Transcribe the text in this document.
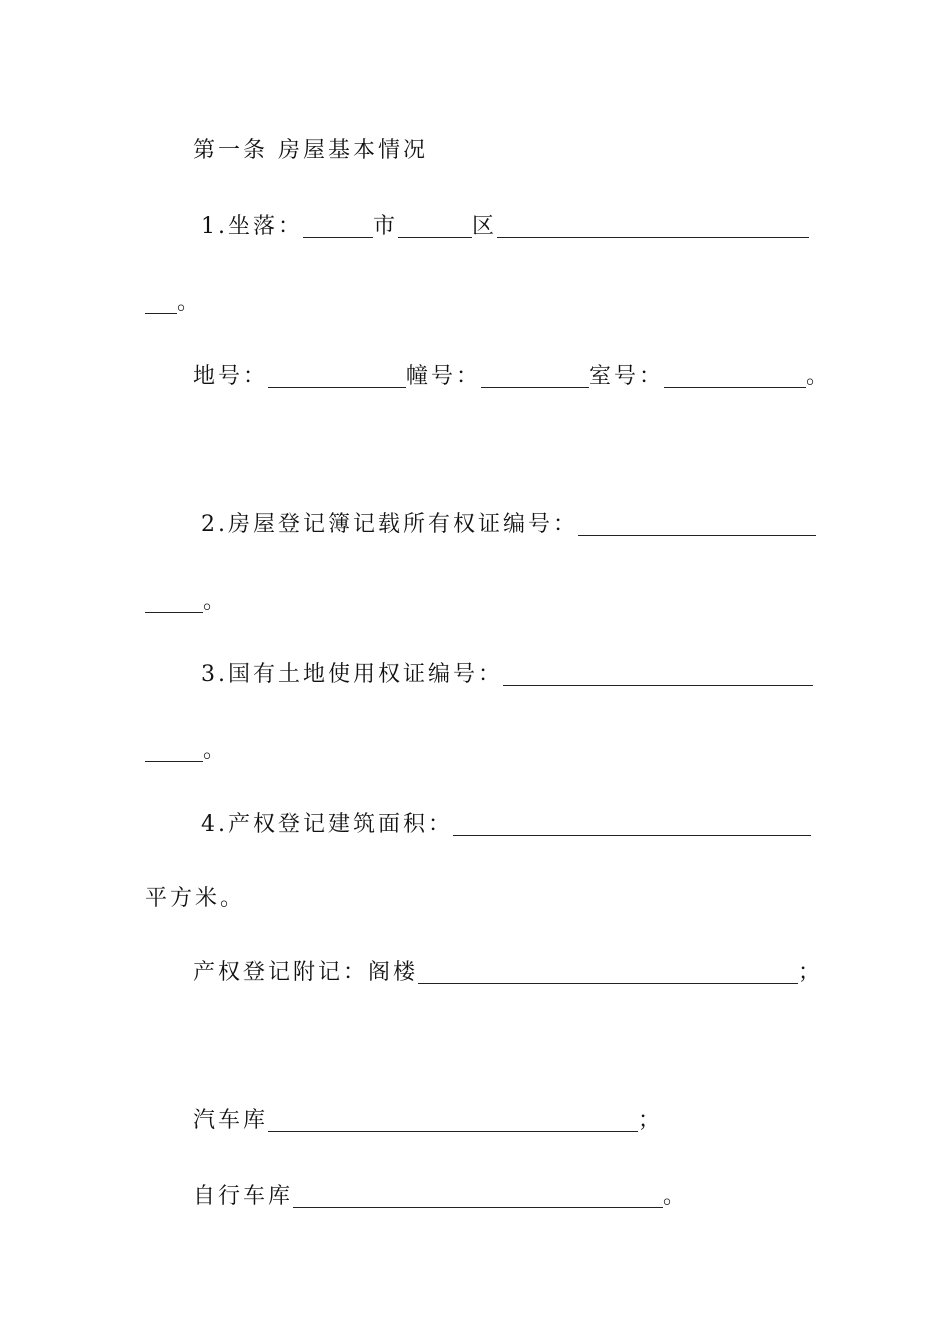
第一条 房屋基本情况
1.坐落：	市	区
。
地号：	幢号：	室号：	。
2.房屋登记簿记载所有权证编号：
。
3.国有土地使用权证编号：
。
4.产权登记建筑面积：
平方米。
产权登记附记：阁楼	；
汽车库	；
自行车库	。
